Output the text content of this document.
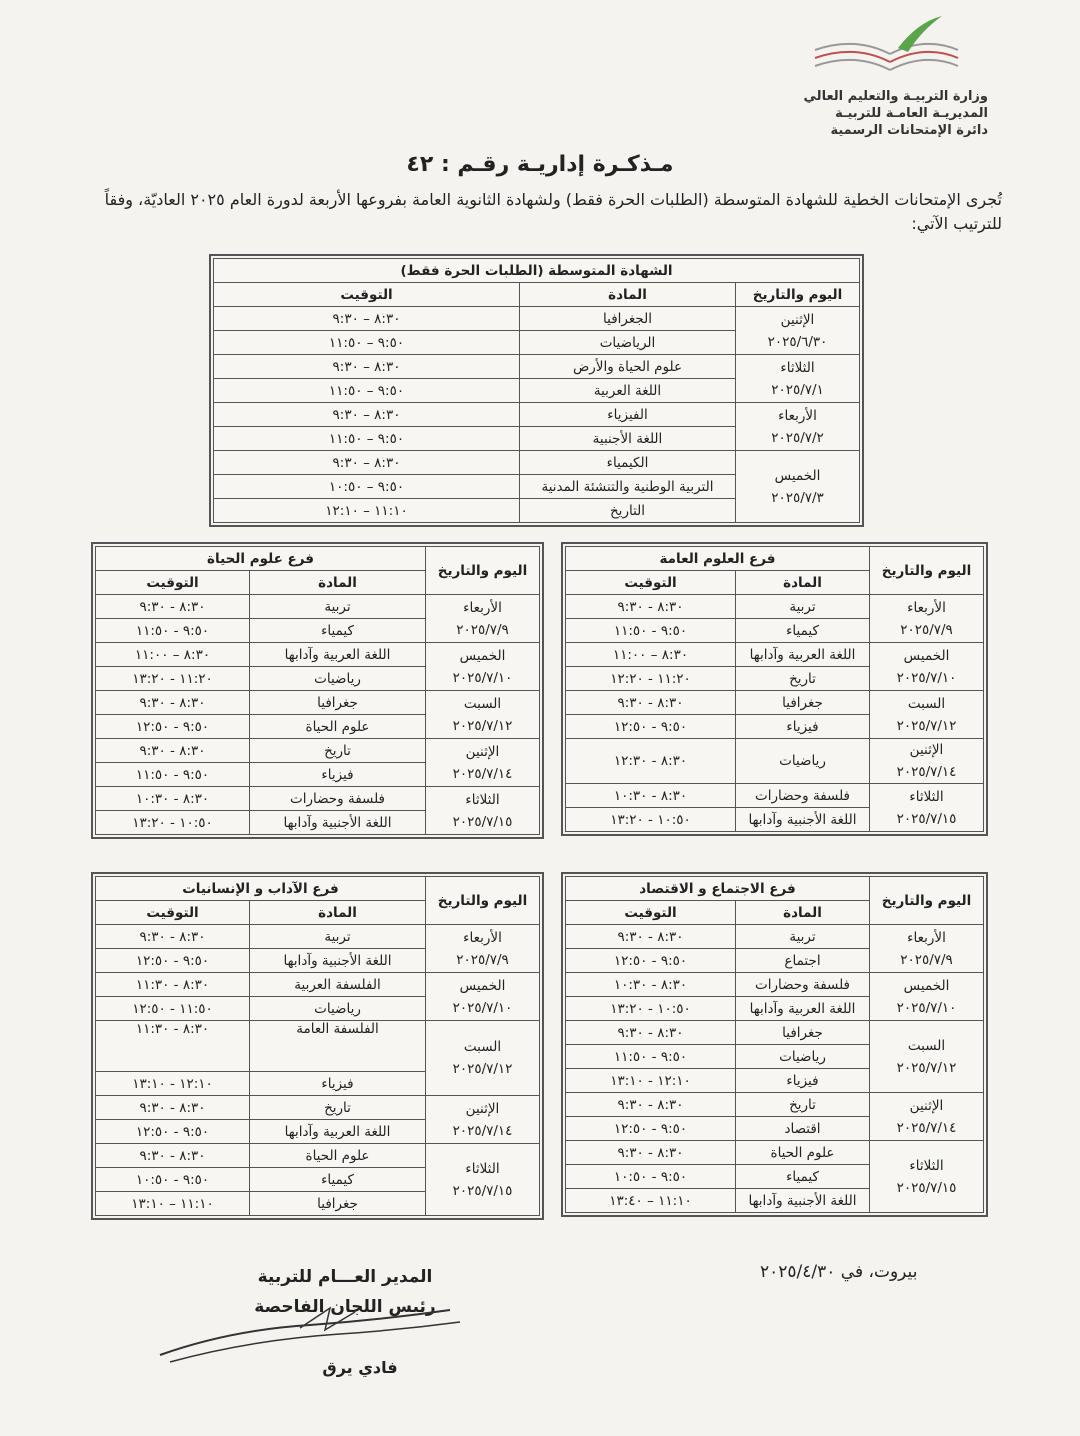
وزارة التربيـة والتعليم العالي
المديريـة العامـة للتربيـة
دائرة الإمتحانات الرسمية
مـذكـرة إداريـة رقـم : ٤٢
تُجرى الإمتحانات الخطية للشهادة المتوسطة (الطلبات الحرة فقط) ولشهادة الثانوية العامة بفروعها الأربعة لدورة العام ٢٠٢٥ العاديّة، وفقاً للترتيب الآتي:
الشهادة المتوسطة (الطلبات الحرة فقط)		
اليوم والتاريخ	المادة	التوقيت

الإثنين
٢٠٢٥/٦/٣٠	الجغرافيا	٨:٣٠ – ٩:٣٠
	الرياضيات	٩:٥٠ – ١١:٥٠

الثلاثاء
٢٠٢٥/٧/١	علوم الحياة والأرض	٨:٣٠ – ٩:٣٠
	اللغة العربية	٩:٥٠ – ١١:٥٠

الأربعاء
٢٠٢٥/٧/٢	الفيزياء	٨:٣٠ – ٩:٣٠
	اللغة الأجنبية	٩:٥٠ – ١١:٥٠

الخميس
٢٠٢٥/٧/٣	الكيمياء	٨:٣٠ – ٩:٣٠
	التربية الوطنية والتنشئة المدنية	٩:٥٠ – ١٠:٥٠
	التاريخ	١١:١٠ – ١٢:١٠
اليوم والتاريخ	فرع العلوم العامة	
	المادة	التوقيت

الأربعاء
٢٠٢٥/٧/٩	تربية	٨:٣٠ - ٩:٣٠
	كيمياء	٩:٥٠ - ١١:٥٠

الخميس
٢٠٢٥/٧/١٠	اللغة العربية وآدابها	٨:٣٠ – ١١:٠٠
	تاريخ	١١:٢٠ - ١٢:٢٠

السبت
٢٠٢٥/٧/١٢	جغرافيا	٨:٣٠ - ٩:٣٠
	فيزياء	٩:٥٠ - ١٢:٥٠

الإثنين
٢٠٢٥/٧/١٤	رياضيات	٨:٣٠ - ١٢:٣٠

الثلاثاء
٢٠٢٥/٧/١٥	فلسفة وحضارات	٨:٣٠ - ١٠:٣٠
	اللغة الأجنبية وآدابها	١٠:٥٠ - ١٣:٢٠
اليوم والتاريخ	فرع علوم الحياة	
	المادة	التوقيت

الأربعاء
٢٠٢٥/٧/٩	تربية	٨:٣٠ - ٩:٣٠
	كيمياء	٩:٥٠ - ١١:٥٠

الخميس
٢٠٢٥/٧/١٠	اللغة العربية وآدابها	٨:٣٠ – ١١:٠٠
	رياضيات	١١:٢٠ - ١٣:٢٠

السبت
٢٠٢٥/٧/١٢	جغرافيا	٨:٣٠ - ٩:٣٠
	علوم الحياة	٩:٥٠ - ١٢:٥٠

الإثنين
٢٠٢٥/٧/١٤	تاريخ	٨:٣٠ - ٩:٣٠
	فيزياء	٩:٥٠ - ١١:٥٠

الثلاثاء
٢٠٢٥/٧/١٥	فلسفة وحضارات	٨:٣٠ - ١٠:٣٠
	اللغة الأجنبية وآدابها	١٠:٥٠ - ١٣:٢٠
اليوم والتاريخ	فرع الاجتماع و الاقتصاد	
	المادة	التوقيت

الأربعاء
٢٠٢٥/٧/٩	تربية	٨:٣٠ - ٩:٣٠
	اجتماع	٩:٥٠ - ١٢:٥٠

الخميس
٢٠٢٥/٧/١٠	فلسفة وحضارات	٨:٣٠ - ١٠:٣٠
	اللغة العربية وآدابها	١٠:٥٠ - ١٣:٢٠

السبت
٢٠٢٥/٧/١٢	جغرافيا	٨:٣٠ - ٩:٣٠
	رياضيات	٩:٥٠ - ١١:٥٠
	فيزياء	١٢:١٠ - ١٣:١٠

الإثنين
٢٠٢٥/٧/١٤	تاريخ	٨:٣٠ - ٩:٣٠
	اقتصاد	٩:٥٠ - ١٢:٥٠

الثلاثاء
٢٠٢٥/٧/١٥	علوم الحياة	٨:٣٠ - ٩:٣٠
	كيمياء	٩:٥٠ - ١٠:٥٠
	اللغة الأجنبية وآدابها	١١:١٠ – ١٣:٤٠
اليوم والتاريخ	فرع الآداب و الإنسانيات	
	المادة	التوقيت

الأربعاء
٢٠٢٥/٧/٩	تربية	٨:٣٠ - ٩:٣٠
	اللغة الأجنبية وآدابها	٩:٥٠ - ١٢:٥٠

الخميس
٢٠٢٥/٧/١٠	الفلسفة العربية	٨:٣٠ - ١١:٣٠
	رياضيات	١١:٥٠ - ١٢:٥٠

السبت
٢٠٢٥/٧/١٢	الفلسفة العامة	٨:٣٠ - ١١:٣٠
	فيزياء	١٢:١٠ - ١٣:١٠

الإثنين
٢٠٢٥/٧/١٤	تاريخ	٨:٣٠ - ٩:٣٠
	اللغة العربية وآدابها	٩:٥٠ - ١٢:٥٠

الثلاثاء
٢٠٢٥/٧/١٥	علوم الحياة	٨:٣٠ - ٩:٣٠
	كيمياء	٩:٥٠ - ١٠:٥٠
	جغرافيا	١١:١٠ – ١٣:١٠
بيروت، في ٢٠٢٥/٤/٣٠
المدير العـــام للتربية
رئيس اللجان الفاحصة
فادي يرق
